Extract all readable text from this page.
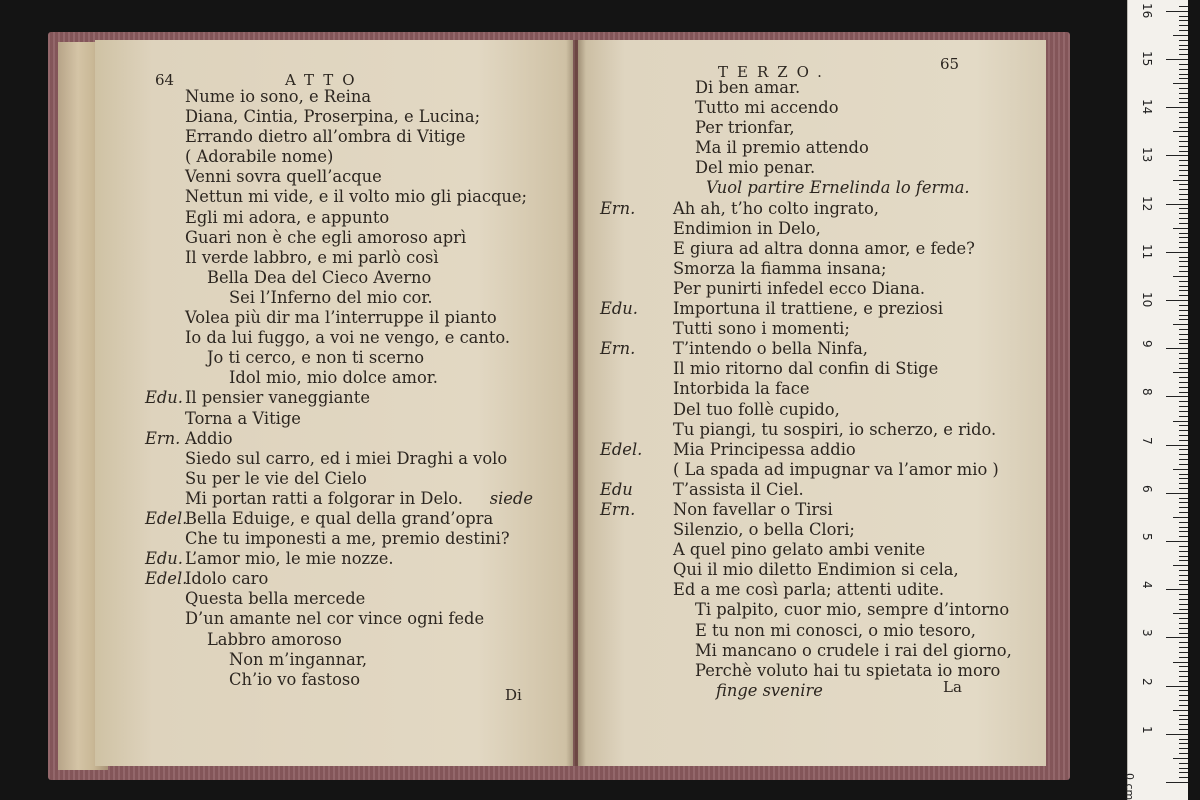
64	ATTO
Nume io sono, e Reina
Diana, Cintia, Proserpina, e Lucina;
Errando dietro all’ombra di Vitige
( Adorabile nome)
Venni sovra quell’acque
Nettun mi vide, e il volto mio gli piacque;
Egli mi adora, e appunto
Guari non è che egli amoroso aprì
Il verde labbro, e mi parlò così
Bella Dea del Cieco Averno
Sei l’Inferno del mio cor.
Volea più dir ma l’interruppe il pianto
Io da lui fuggo, a voi ne vengo, e canto.
Jo ti cerco, e non ti scerno
Idol mio, mio dolce amor.
Edu. Il pensier vaneggiante
Torna a Vitige
Ern. Addio
Siedo sul carro, ed i miei Draghi a volo
Su per le vie del Cielo
Mi portan ratti a folgorar in Delo. siede
Edel.
Bella Eduige, e qual della grand’opra
Che tu imponesti a me, premio destini?
Edu. L’amor mio, le mie nozze.
Edel.
Idolo caro
Questa bella mercede
D’un amante nel cor vince ogni fede
Labbro amoroso
Non m’ingannar,
Ch’io vo fastoso
Di
TERZO.	65
Di ben amar.
Tutto mi accendo
Per trionfar,
Ma il premio attendo
Del mio penar.
Vuol partire Ernelinda lo ferma.
Ern. Ah ah, t’ho colto ingrato,
Endimion in Delo,
E giura ad altra donna amor, e fede?
Smorza la fiamma insana;
Per punirti infedel ecco Diana.
Edu. Importuna il trattiene, e preziosi
Tutti sono i momenti;
Ern. T’intendo o bella Ninfa,
Il mio ritorno dal confin di Stige
Intorbida la face
Del tuo follè cupido,
Tu piangi, tu sospiri, io scherzo, e rido.
Edel. Mia Principessa addio
( La spada ad impugnar va l’amor mio )
Edu T’assista il Ciel.
Ern. Non favellar o Tirsi
Silenzio, o bella Clori;
A quel pino gelato ambi venite
Qui il mio diletto Endimion si cela,
Ed a me così parla; attenti udite.
Ti palpito, cuor mio, sempre d’intorno
E tu non mi conosci, o mio tesoro,
Mi mancano o crudele i rai del giorno,
Perchè voluto hai tu spietata io moro
finge svenire	La
0 cm
1
2
3
4
5
6
7
8
9
10
11
12
13
14
15
16
